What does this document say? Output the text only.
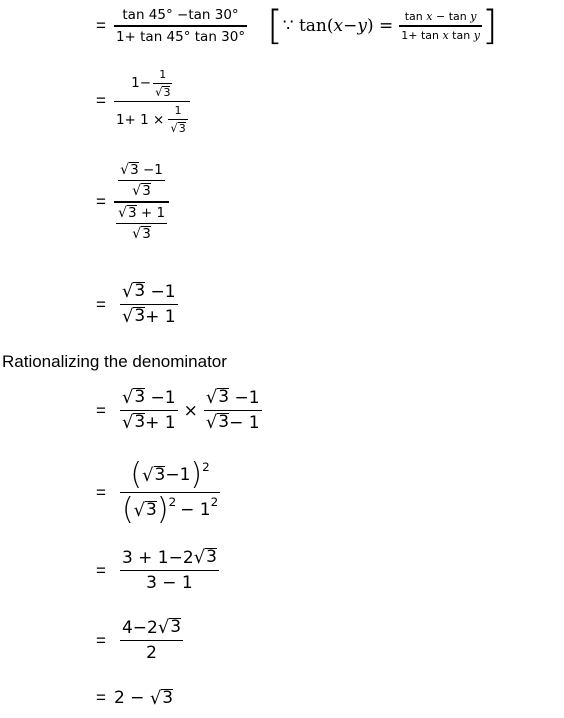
= $\frac{\tan 45^\circ -\tan 30^\circ}{1+ \tan 45^\circ \tan 30^\circ}$ [ ∵ tan( x − y ) = $\frac{\text{tan x − tan y}}{\text{1+ tan x tan y}}$ ]
= $\frac{1- \frac{1}{√ 3}}{1+ 1 \times \frac{1}{√ 3}}$
= $\frac{\frac{√ 3 -1}{√ 3}}{\frac{√ 3 + 1}{√ 3}}$
= $\frac{√ 3 -1}{√ 3 + 1}$
Rationalizing the denominator
= $\frac{√ 3 -1}{√ 3 + 1} \times \frac{√ 3 -1}{√ 3 - 1}$
= $\frac{( √ 3 -1 )^2}{( √ 3 )^2 - 1^2}$
= $\frac{3 + 1-2 √ 3}{3 - 1}$
= $\frac{4-2 √ 3}{2}$
= 2 − √ 3
